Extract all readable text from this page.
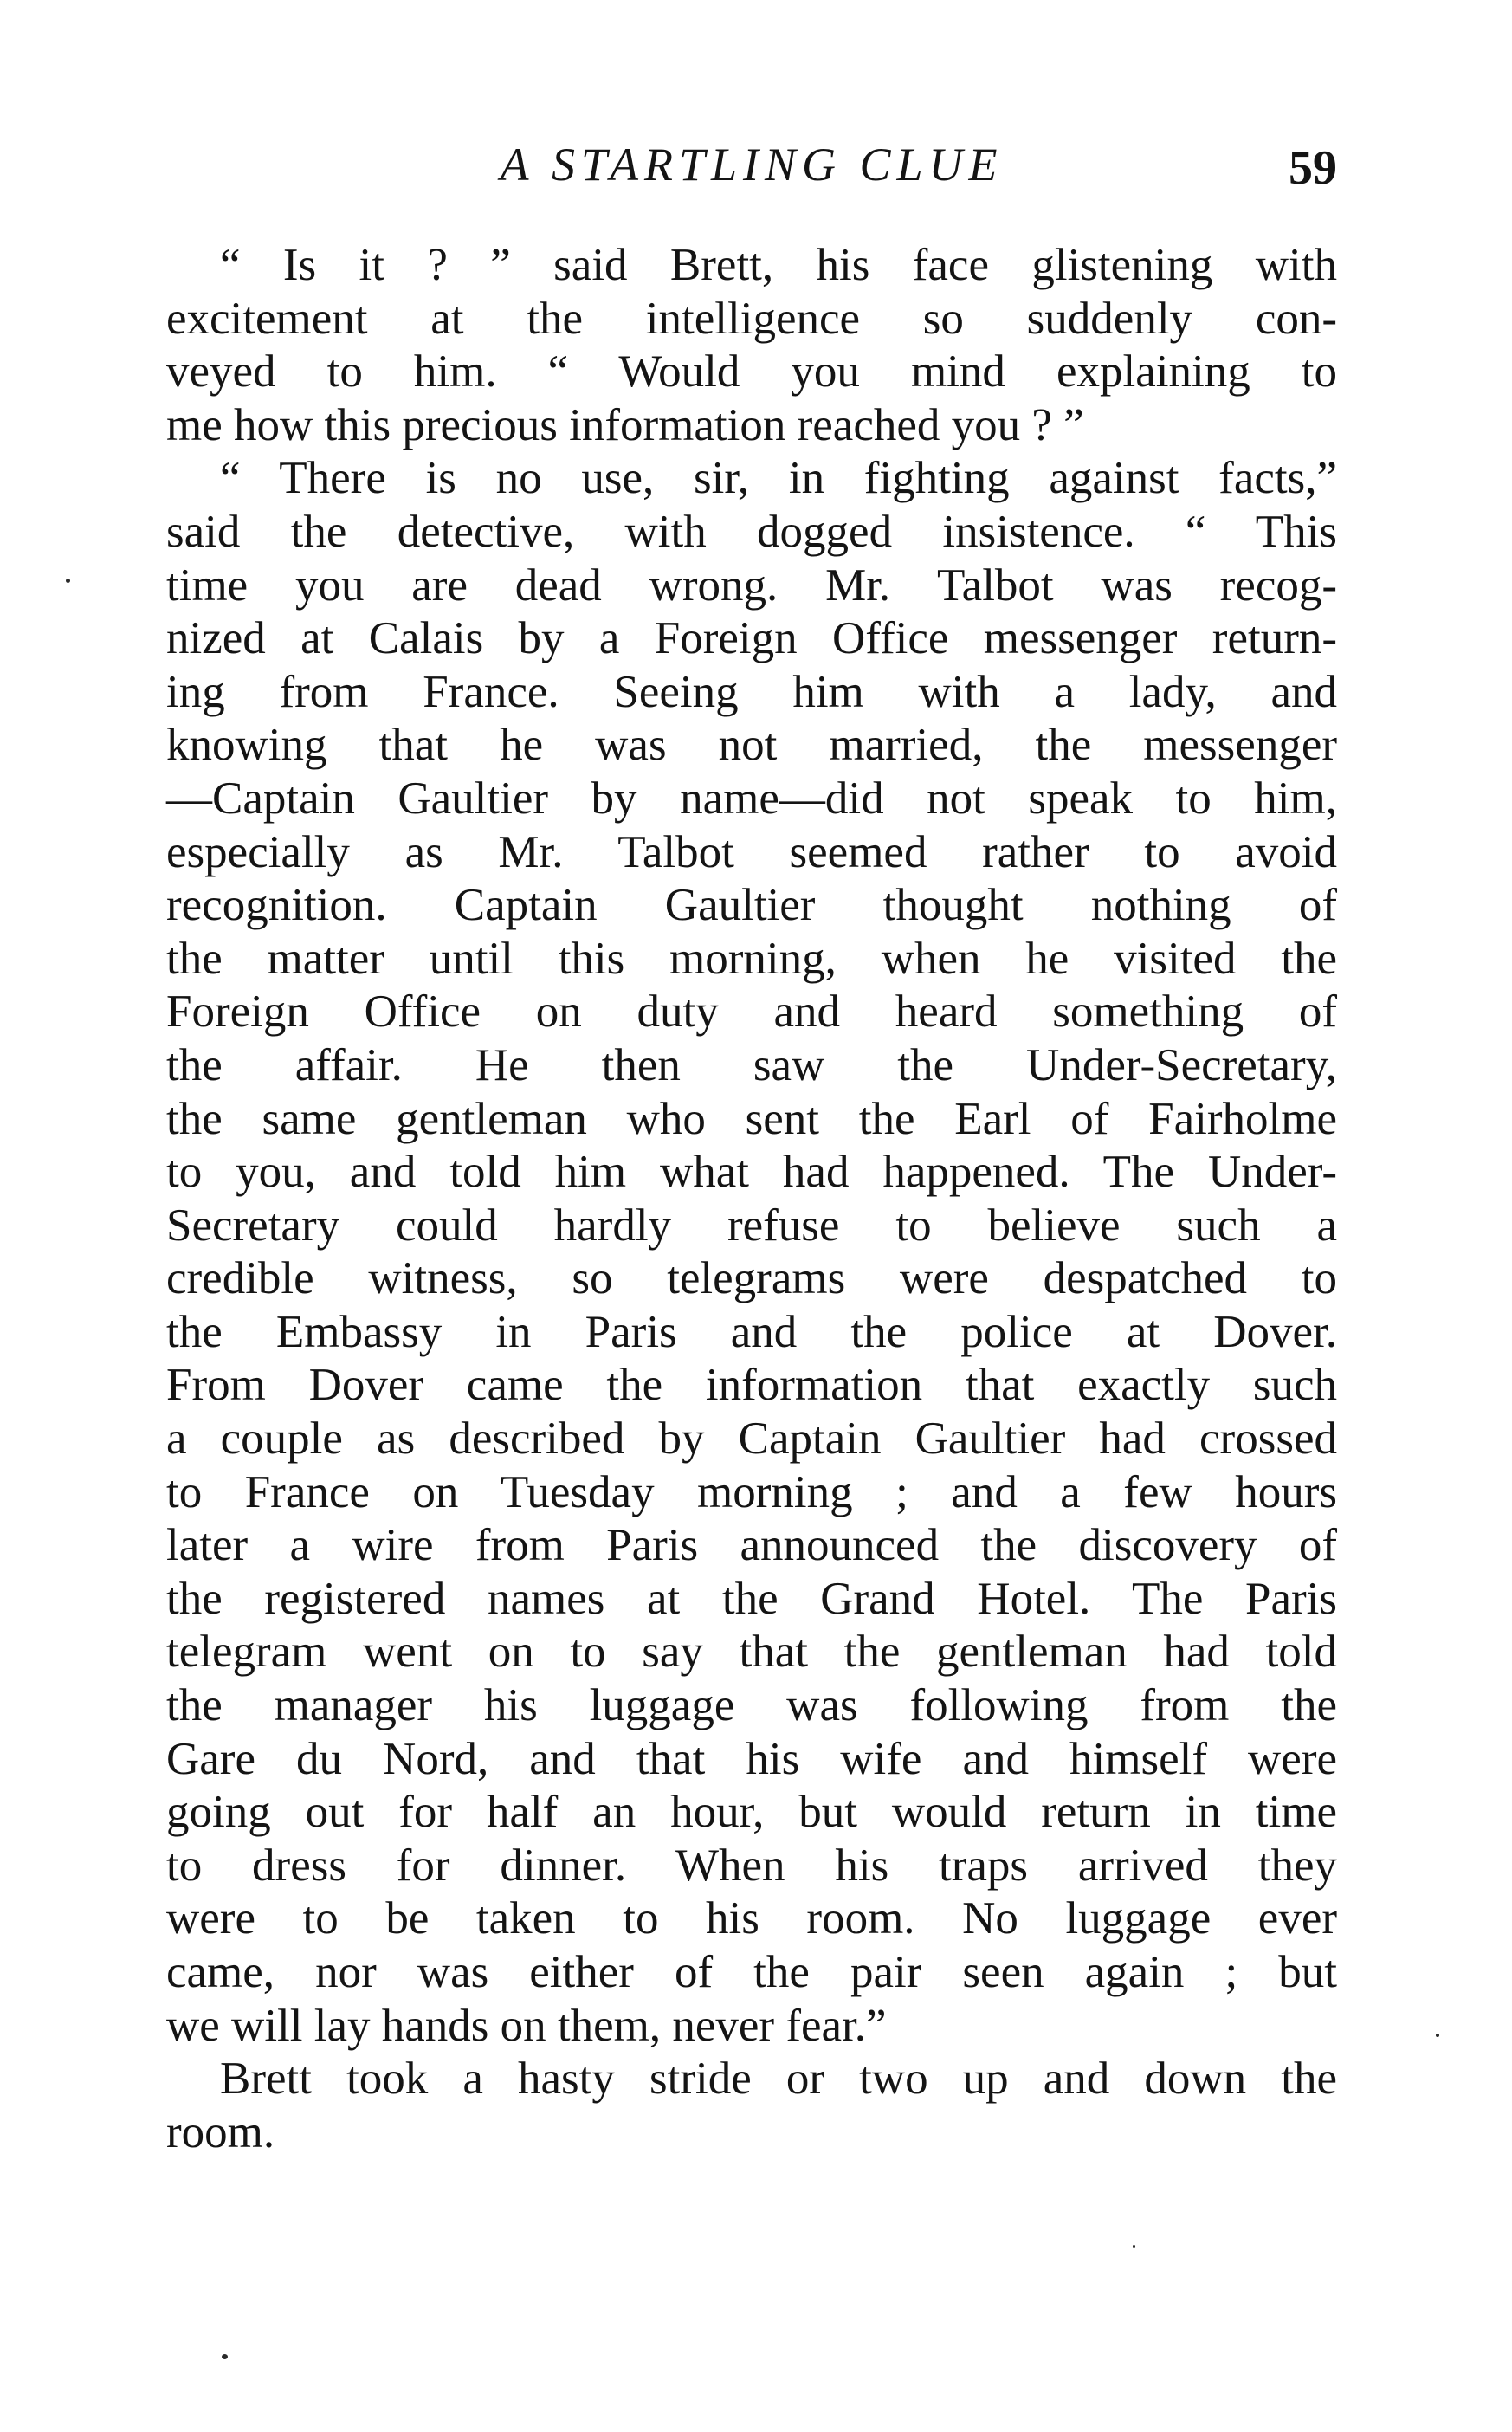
A STARTLING CLUE	59
“ Is it ? ” said Brett, his face glistening with
excitement at the intelligence so suddenly con-
veyed to him. “ Would you mind explaining to
me how this precious information reached you ? ”
“ There is no use, sir, in fighting against facts,”
said the detective, with dogged insistence. “ This
time you are dead wrong. Mr. Talbot was recog-
nized at Calais by a Foreign Office messenger return-
ing from France. Seeing him with a lady, and
knowing that he was not married, the messenger
—Captain Gaultier by name—did not speak to him,
especially as Mr. Talbot seemed rather to avoid
recognition. Captain Gaultier thought nothing of
the matter until this morning, when he visited the
Foreign Office on duty and heard something of
the affair. He then saw the Under-Secretary,
the same gentleman who sent the Earl of Fairholme
to you, and told him what had happened. The Under-
Secretary could hardly refuse to believe such a
credible witness, so telegrams were despatched to
the Embassy in Paris and the police at Dover.
From Dover came the information that exactly such
a couple as described by Captain Gaultier had crossed
to France on Tuesday morning ; and a few hours
later a wire from Paris announced the discovery of
the registered names at the Grand Hotel. The Paris
telegram went on to say that the gentleman had told
the manager his luggage was following from the
Gare du Nord, and that his wife and himself were
going out for half an hour, but would return in time
to dress for dinner. When his traps arrived they
were to be taken to his room. No luggage ever
came, nor was either of the pair seen again ; but
we will lay hands on them, never fear.”
Brett took a hasty stride or two up and down the
room.
